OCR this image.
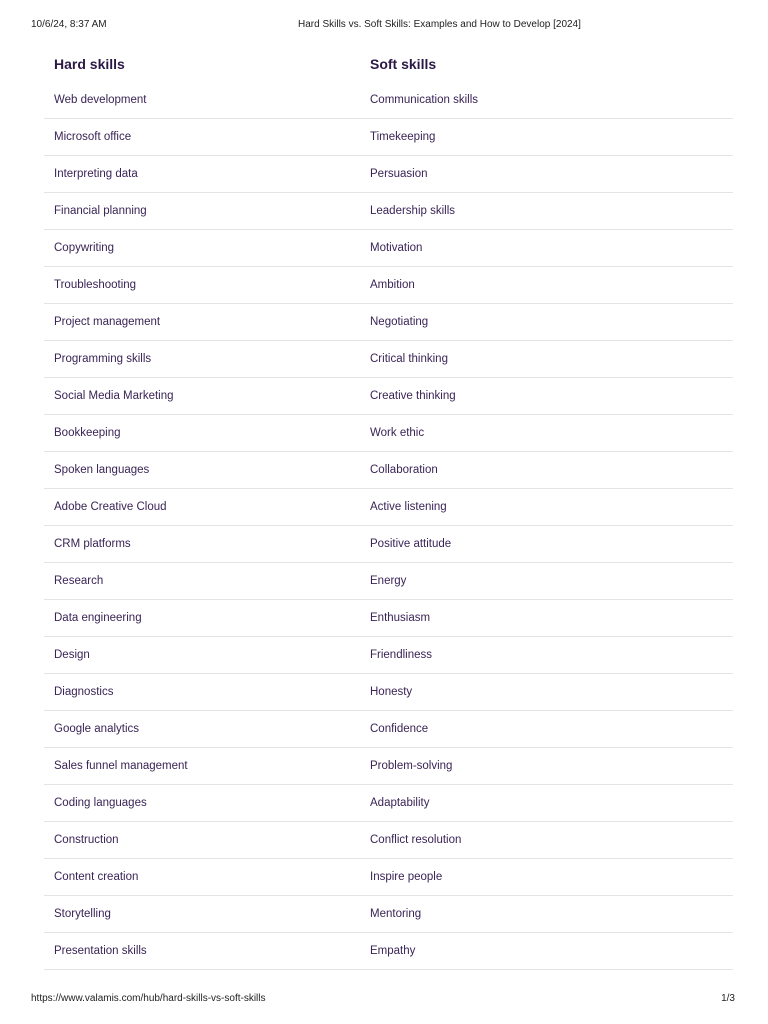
10/6/24, 8:37 AM	Hard Skills vs. Soft Skills: Examples and How to Develop [2024]
Hard skills	Soft skills
Web development	Communication skills
Microsoft office	Timekeeping
Interpreting data	Persuasion
Financial planning	Leadership skills
Copywriting	Motivation
Troubleshooting	Ambition
Project management	Negotiating
Programming skills	Critical thinking
Social Media Marketing	Creative thinking
Bookkeeping	Work ethic
Spoken languages	Collaboration
Adobe Creative Cloud	Active listening
CRM platforms	Positive attitude
Research	Energy
Data engineering	Enthusiasm
Design	Friendliness
Diagnostics	Honesty
Google analytics	Confidence
Sales funnel management	Problem-solving
Coding languages	Adaptability
Construction	Conflict resolution
Content creation	Inspire people
Storytelling	Mentoring
Presentation skills	Empathy
https://www.valamis.com/hub/hard-skills-vs-soft-skills	1/3
